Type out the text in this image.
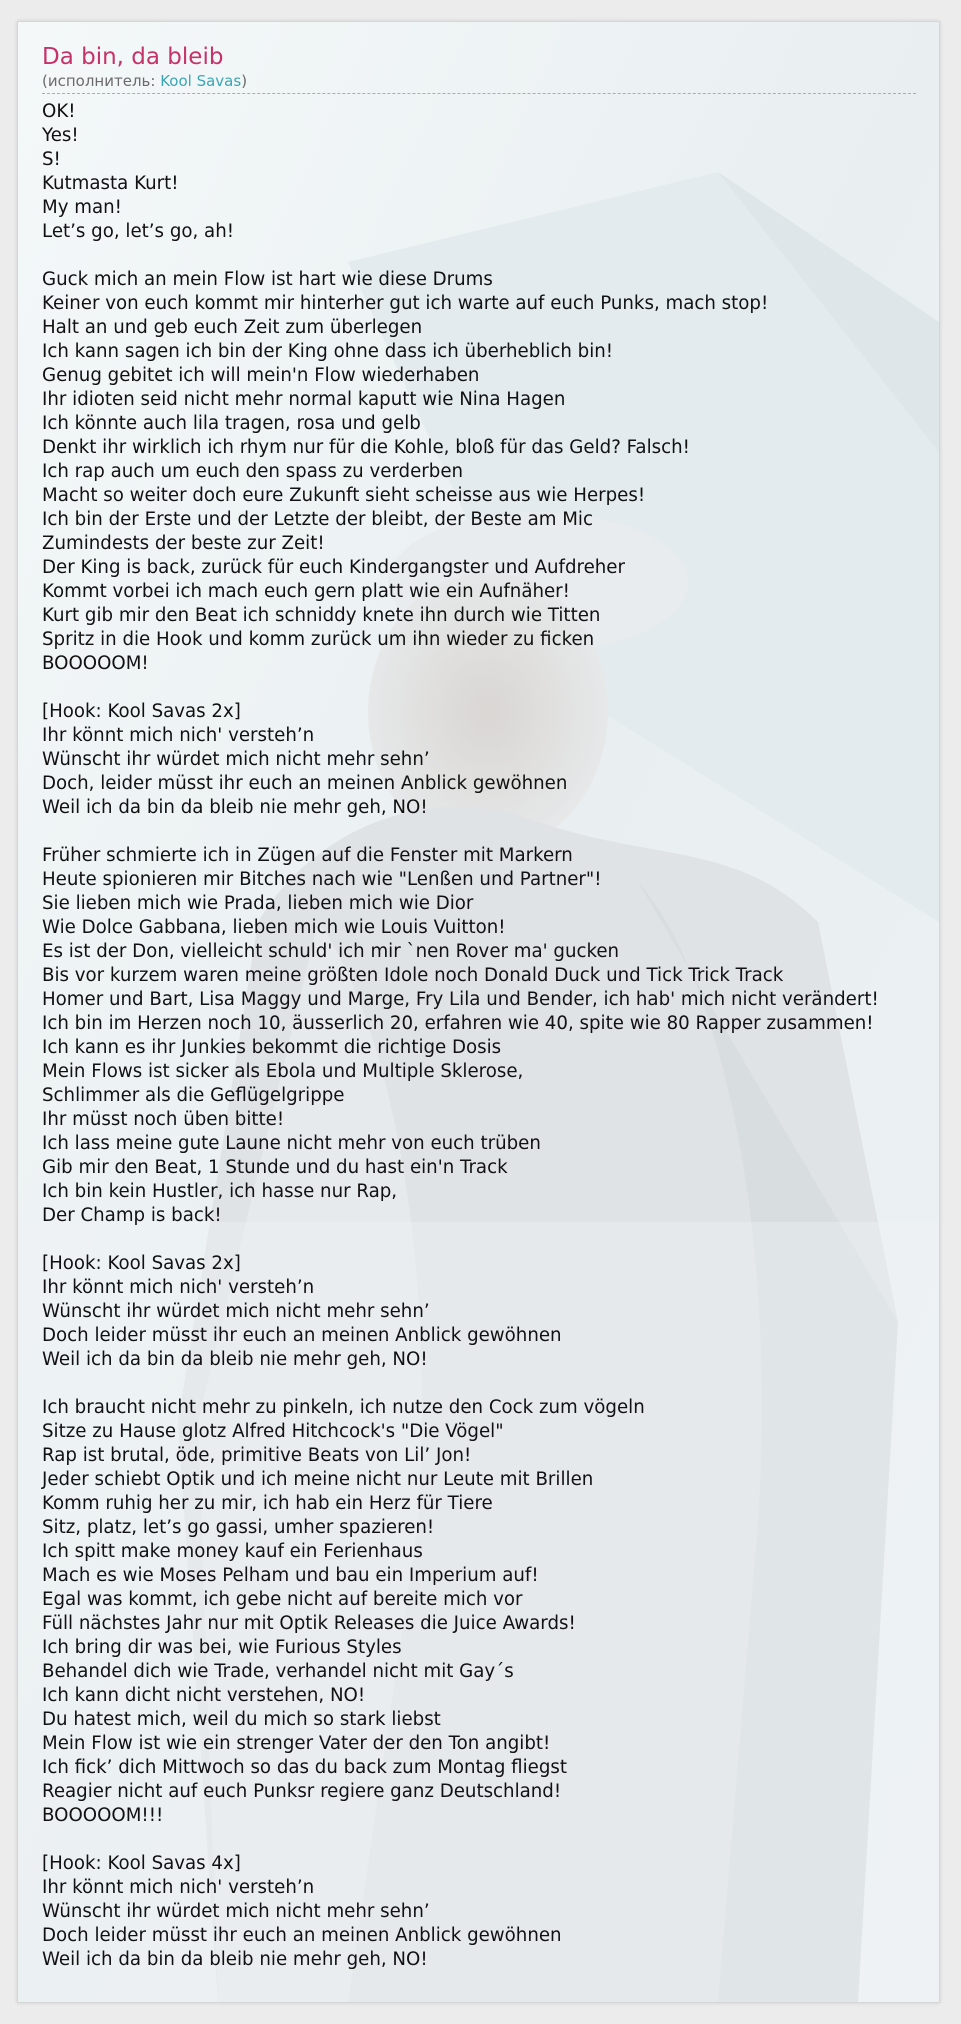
Da bin, da bleib
(исполнитель: Kool Savas)
OK!
Yes!
S!
Kutmasta Kurt!
My man!
Let’s go, let’s go, ah!
Guck mich an mein Flow ist hart wie diese Drums
Keiner von euch kommt mir hinterher gut ich warte auf euch Punks, mach stop!
Halt an und geb euch Zeit zum überlegen
Ich kann sagen ich bin der King ohne dass ich überheblich bin!
Genug gebitet ich will mein'n Flow wiederhaben
Ihr idioten seid nicht mehr normal kaputt wie Nina Hagen
Ich könnte auch lila tragen, rosa und gelb
Denkt ihr wirklich ich rhym nur für die Kohle, bloß für das Geld? Falsch!
Ich rap auch um euch den spass zu verderben
Macht so weiter doch eure Zukunft sieht scheisse aus wie Herpes!
Ich bin der Erste und der Letzte der bleibt, der Beste am Mic
Zumindests der beste zur Zeit!
Der King is back, zurück für euch Kindergangster und Aufdreher
Kommt vorbei ich mach euch gern platt wie ein Aufnäher!
Kurt gib mir den Beat ich schniddy knete ihn durch wie Titten
Spritz in die Hook und komm zurück um ihn wieder zu ficken
BOOOOOM!
[Hook: Kool Savas 2x]
Ihr könnt mich nich' versteh’n
Wünscht ihr würdet mich nicht mehr sehn’
Doch, leider müsst ihr euch an meinen Anblick gewöhnen
Weil ich da bin da bleib nie mehr geh, NO!
Früher schmierte ich in Zügen auf die Fenster mit Markern
Heute spionieren mir Bitches nach wie "Lenßen und Partner"!
Sie lieben mich wie Prada, lieben mich wie Dior
Wie Dolce Gabbana, lieben mich wie Louis Vuitton!
Es ist der Don, vielleicht schuld' ich mir `nen Rover ma' gucken
Bis vor kurzem waren meine größten Idole noch Donald Duck und Tick Trick Track
Homer und Bart, Lisa Maggy und Marge, Fry Lila und Bender, ich hab' mich nicht verändert!
Ich bin im Herzen noch 10, äusserlich 20, erfahren wie 40, spite wie 80 Rapper zusammen!
Ich kann es ihr Junkies bekommt die richtige Dosis
Mein Flows ist sicker als Ebola und Multiple Sklerose,
Schlimmer als die Geflügelgrippe
Ihr müsst noch üben bitte!
Ich lass meine gute Laune nicht mehr von euch trüben
Gib mir den Beat, 1 Stunde und du hast ein'n Track
Ich bin kein Hustler, ich hasse nur Rap,
Der Champ is back!
[Hook: Kool Savas 2x]
Ihr könnt mich nich' versteh’n
Wünscht ihr würdet mich nicht mehr sehn’
Doch leider müsst ihr euch an meinen Anblick gewöhnen
Weil ich da bin da bleib nie mehr geh, NO!
Ich braucht nicht mehr zu pinkeln, ich nutze den Cock zum vögeln
Sitze zu Hause glotz Alfred Hitchcock's "Die Vögel"
Rap ist brutal, öde, primitive Beats von Lil’ Jon!
Jeder schiebt Optik und ich meine nicht nur Leute mit Brillen
Komm ruhig her zu mir, ich hab ein Herz für Tiere
Sitz, platz, let’s go gassi, umher spazieren!
Ich spitt make money kauf ein Ferienhaus
Mach es wie Moses Pelham und bau ein Imperium auf!
Egal was kommt, ich gebe nicht auf bereite mich vor
Füll nächstes Jahr nur mit Optik Releases die Juice Awards!
Ich bring dir was bei, wie Furious Styles
Behandel dich wie Trade, verhandel nicht mit Gay´s
Ich kann dicht nicht verstehen, NO!
Du hatest mich, weil du mich so stark liebst
Mein Flow ist wie ein strenger Vater der den Ton angibt!
Ich fick’ dich Mittwoch so das du back zum Montag fliegst
Reagier nicht auf euch Punksr regiere ganz Deutschland!
BOOOOOM!!!
[Hook: Kool Savas 4x]
Ihr könnt mich nich' versteh’n
Wünscht ihr würdet mich nicht mehr sehn’
Doch leider müsst ihr euch an meinen Anblick gewöhnen
Weil ich da bin da bleib nie mehr geh, NO!
